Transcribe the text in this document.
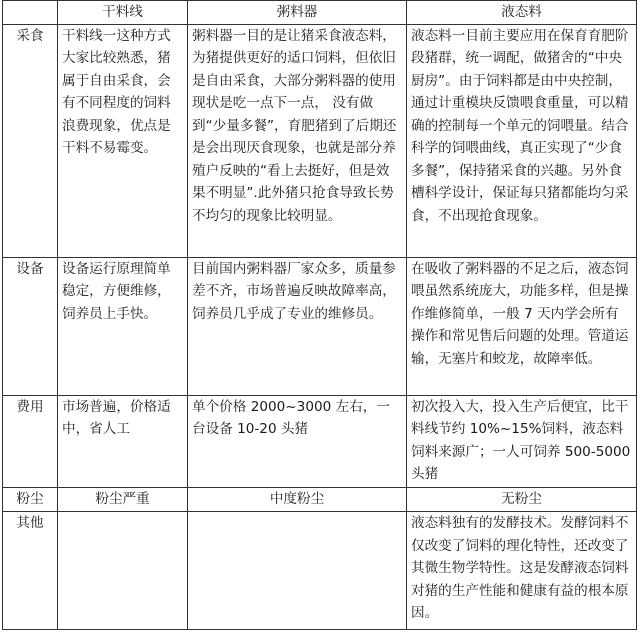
	干料线	粥料器	液态料
采食	干料线一这种方式大家比较熟悉，猪属于自由采食，会有不同程度的饲料浪费现象，优点是干料不易霉变。	粥料器一目的是让猪采食液态料，为猪提供更好的适口饲料，但依旧是自由采食，大部分粥料器的使用现状是吃一点下一点， 没有做到“少量多餐”，育肥猪到了后期还是会出现厌食现象，也就是部分养殖户反映的“看上去挺好，但是效果不明显”.此外猪只抢食导致长势不均匀的现象比较明显。	液态料一目前主要应用在保育育肥阶段猪群，统一调配，做猪舍的“中央厨房”。由于饲料都是由中央控制，通过计重模块反馈喂食重量，可以精确的控制每一个单元的饲喂量。结合科学的饲喂曲线，真正实现了“少食多餐”，保持猪采食的兴趣。另外食槽科学设计，保证每只猪都能均匀采食，不出现抢食现象。
设备	设备运行原理简单稳定，方便维修，饲养员上手快。	目前国内粥料器厂家众多，质量参差不齐，市场普遍反映故障率高，饲养员几乎成了专业的维修员。	在吸收了粥料器的不足之后，液态饲喂虽然系统庞大，功能多样，但是操作维修简单，一般 7 天内学会所有操作和常见售后问题的处理。管道运输，无塞片和蛟龙，故障率低。
费用	市场普遍，价格适中，省人工	单个价格 2000~3000 左右，一台设备 10-20 头猪	初次投入大，投入生产后便宜，比干料线节约 10%~15%饲料，液态料饲料来源广；一人可饲养 500-5000 头猪
粉尘	粉尘严重	中度粉尘	无粉尘
其他			液态料独有的发酵技术。发酵饲料不仅改变了饲料的理化特性，还改变了其微生物学特性。这是发酵液态饲料对猪的生产性能和健康有益的根本原因。
